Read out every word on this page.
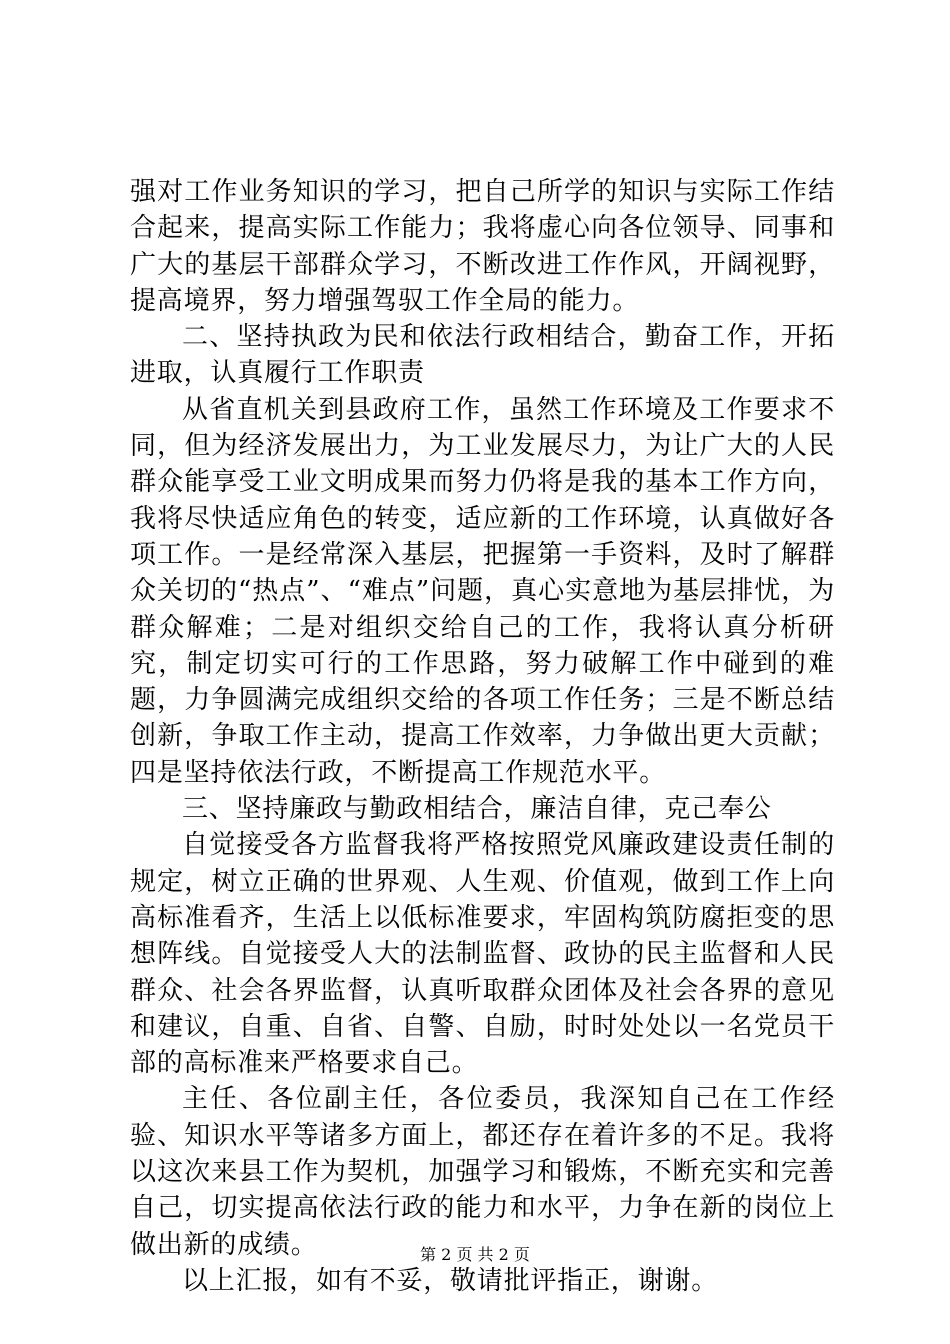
强对工作业务知识的学习，把自己所学的知识与实际工作结合起来，提高实际工作能力；我将虚心向各位领导、同事和广大的基层干部群众学习，不断改进工作作风，开阔视野，提高境界，努力增强驾驭工作全局的能力。

二、坚持执政为民和依法行政相结合，勤奋工作，开拓进取，认真履行工作职责

从省直机关到县政府工作，虽然工作环境及工作要求不同，但为经济发展出力，为工业发展尽力，为让广大的人民群众能享受工业文明成果而努力仍将是我的基本工作方向，我将尽快适应角色的转变，适应新的工作环境，认真做好各项工作。一是经常深入基层，把握第一手资料，及时了解群众关切的“热点”、“难点”问题，真心实意地为基层排忧，为群众解难；二是对组织交给自己的工作，我将认真分析研究，制定切实可行的工作思路，努力破解工作中碰到的难题，力争圆满完成组织交给的各项工作任务；三是不断总结创新，争取工作主动，提高工作效率，力争做出更大贡献；四是坚持依法行政，不断提高工作规范水平。

三、坚持廉政与勤政相结合，廉洁自律，克己奉公

自觉接受各方监督我将严格按照党风廉政建设责任制的规定，树立正确的世界观、人生观、价值观，做到工作上向高标准看齐，生活上以低标准要求，牢固构筑防腐拒变的思想阵线。自觉接受人大的法制监督、政协的民主监督和人民群众、社会各界监督，认真听取群众团体及社会各界的意见和建议，自重、自省、自警、自励，时时处处以一名党员干部的高标准来严格要求自己。

主任、各位副主任，各位委员，我深知自己在工作经验、知识水平等诸多方面上，都还存在着许多的不足。我将以这次来县工作为契机，加强学习和锻炼，不断充实和完善自己，切实提高依法行政的能力和水平，力争在新的岗位上做出新的成绩。

以上汇报，如有不妥，敬请批评指正，谢谢。

第 2 页 共 2 页
